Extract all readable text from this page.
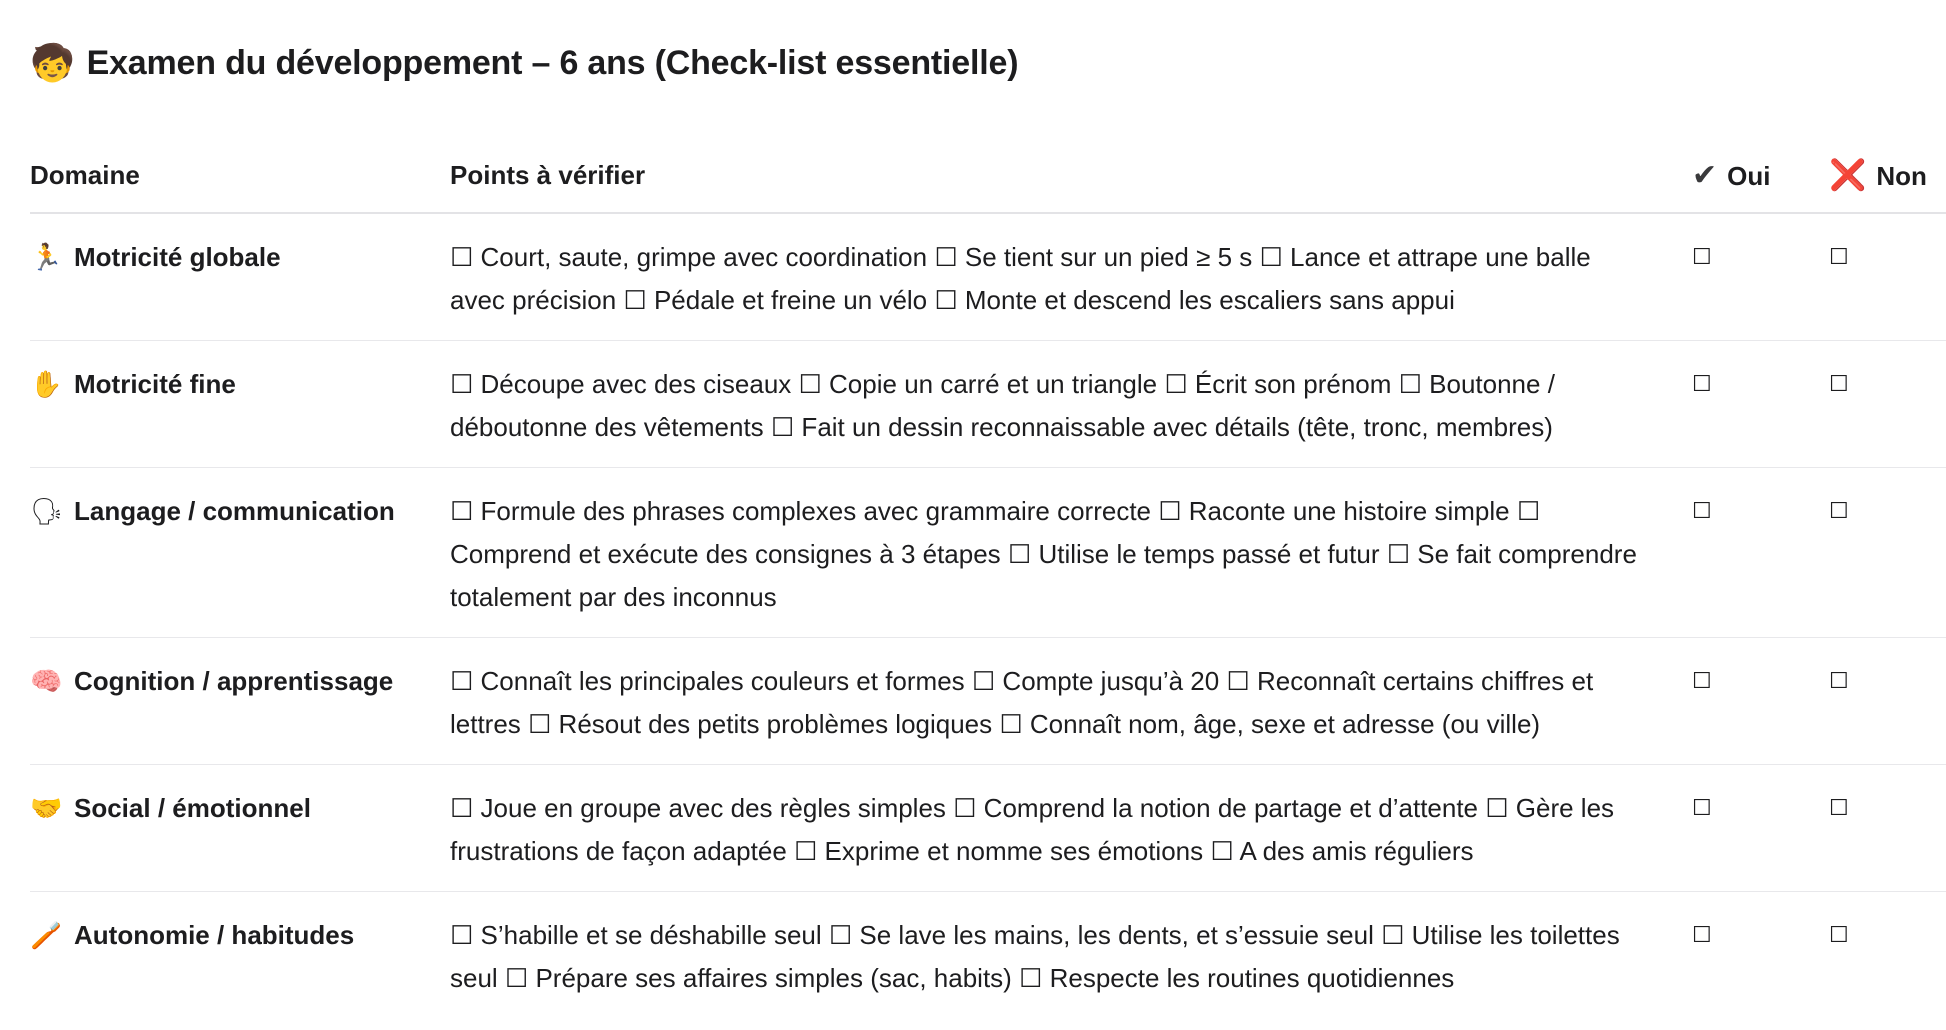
🧒 Examen du développement – 6 ans (Check-list essentielle)
Domaine	Points à vérifier	✔ Oui	❌ Non
🏃 Motricité globale	☐ Court, saute, grimpe avec coordination ☐ Se tient sur un pied ≥ 5 s ☐ Lance et attrape une balle avec précision ☐ Pédale et freine un vélo ☐ Monte et descend les escaliers sans appui	☐	☐
✋ Motricité fine	☐ Découpe avec des ciseaux ☐ Copie un carré et un triangle ☐ Écrit son prénom ☐ Boutonne / déboutonne des vêtements ☐ Fait un dessin reconnaissable avec détails (tête, tronc, membres)	☐	☐
🗣 Langage / communication	☐ Formule des phrases complexes avec grammaire correcte ☐ Raconte une histoire simple ☐ Comprend et exécute des consignes à 3 étapes ☐ Utilise le temps passé et futur ☐ Se fait comprendre totalement par des inconnus	☐	☐
🧠 Cognition / apprentissage	☐ Connaît les principales couleurs et formes ☐ Compte jusqu’à 20 ☐ Reconnaît certains chiffres et lettres ☐ Résout des petits problèmes logiques ☐ Connaît nom, âge, sexe et adresse (ou ville)	☐	☐
🤝 Social / émotionnel	☐ Joue en groupe avec des règles simples ☐ Comprend la notion de partage et d’attente ☐ Gère les frustrations de façon adaptée ☐ Exprime et nomme ses émotions ☐ A des amis réguliers	☐	☐
🪥 Autonomie / habitudes	☐ S’habille et se déshabille seul ☐ Se lave les mains, les dents, et s’essuie seul ☐ Utilise les toilettes seul ☐ Prépare ses affaires simples (sac, habits) ☐ Respecte les routines quotidiennes	☐	☐
